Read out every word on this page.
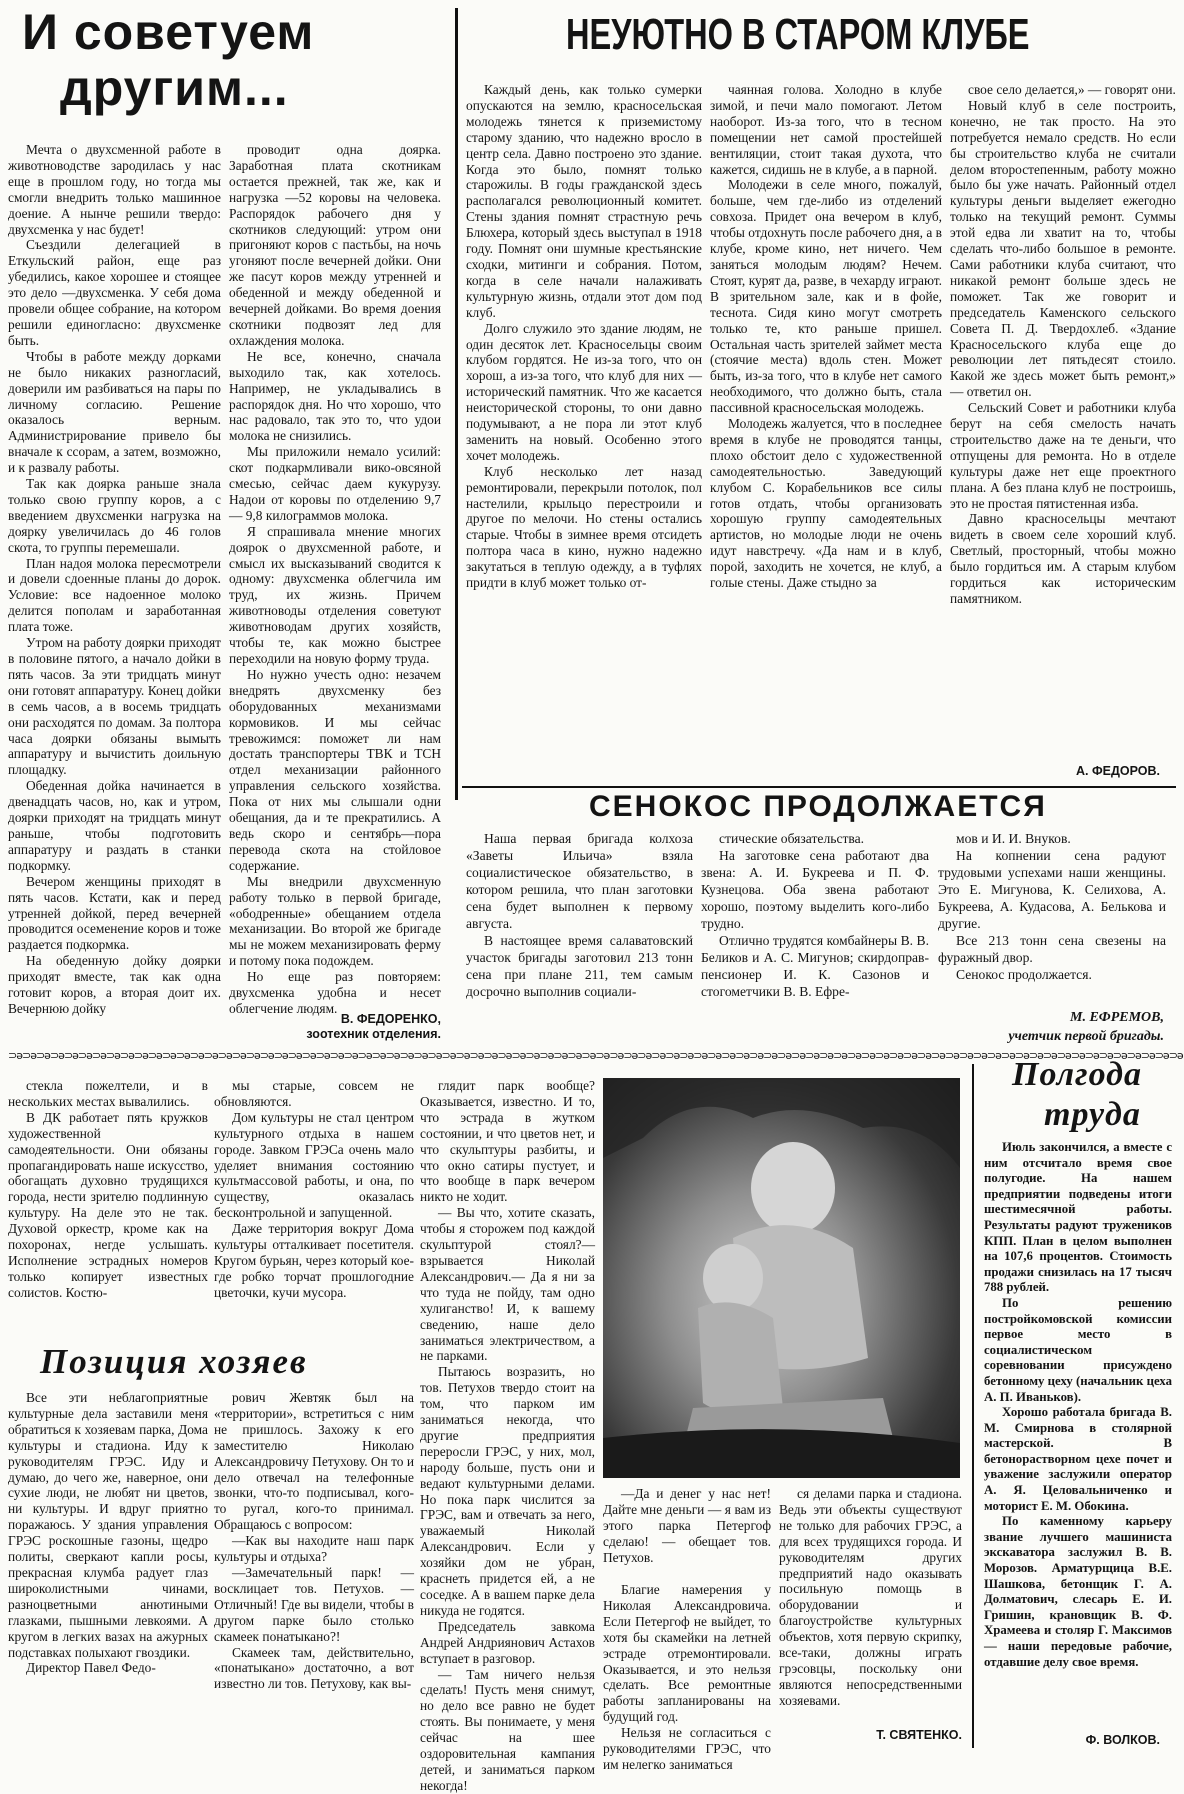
И советуем
другим...

Мечта о двухсменной работе в животноводстве зародилась у нас еще в прошлом году, но тогда мы смогли внедрить только машинное доение. А нынче решили твердо: двухсменка у нас будет!

Съездили делегацией в Еткульский район, еще раз убедились, какое хорошее и стоящее это дело —двухсменка. У себя дома провели общее собрание, на котором решили единогласно: двухсменке быть.

Чтобы в работе между дорками не было никаких разногласий, доверили им разбиваться на пары по личному согласию. Решение оказалось верным. Администрирование привело бы вначале к ссорам, а затем, возможно, и к развалу работы.

Так как доярка раньше знала только свою группу коров, а с введением двухсменки нагрузка на доярку увеличилась до 46 голов скота, то группы перемешали.

План надоя молока пересмотрели и довели сдоенные планы до дорок. Условие: все надоенное молоко делится пополам и заработанная плата тоже.

Утром на работу доярки приходят в половине пятого, а начало дойки в пять часов. За эти тридцать минут они готовят аппаратуру. Конец дойки в семь часов, а в восемь тридцать они расходятся по домам. За полтора часа доярки обязаны вымыть аппаратуру и вычистить доильную площадку.

Обеденная дойка начинается в двенадцать часов, но, как и утром, доярки приходят на тридцать минут раньше, чтобы подготовить аппаратуру и раздать в станки подкормку.

Вечером женщины приходят в пять часов. Кстати, как и перед утренней дойкой, перед вечерней проводится осеменение коров и тоже раздается подкормка.

На обеденную дойку доярки приходят вместе, так как одна готовит коров, а вторая доит их. Вечернюю дойку

проводит одна доярка. Заработная плата скотникам остается прежней, так же, как и нагрузка —52 коровы на человека. Распорядок рабочего дня у скотников следующий: утром они пригоняют коров с пастьбы, на ночь угоняют после вечерней дойки. Они же пасут коров между утренней и обеденной и между обеденной и вечерней дойками. Во время доения скотники подвозят лед для охлаждения молока.

Не все, конечно, сначала выходило так, как хотелось. Например, не укладывались в распорядок дня. Но что хорошо, что нас радовало, так это то, что удои молока не снизились.

Мы приложили немало усилий: скот подкармливали вико-овсяной смесью, сейчас даем кукурузу. Надои от коровы по отделению 9,7— 9,8 килограммов молока.

Я спрашивала мнение многих доярок о двухсменной работе, и смысл их высказываний сводится к одному: двухсменка облегчила им труд, их жизнь. Причем животноводы отделения советуют животноводам других хозяйств, чтобы те, как можно быстрее переходили на новую форму труда.

Но нужно учесть одно: незачем внедрять двухсменку без оборудованных механизмами кормовиков. И мы сейчас тревожимся: поможет ли нам достать транспортеры ТВК и ТСН отдел механизации районного управления сельского хозяйства. Пока от них мы слышали одни обещания, да и те прекратились. А ведь скоро и сентябрь—пора перевода скота на стойловое содержание.

Мы внедрили двухсменную работу только в первой бригаде, «ободренные» обещанием отдела механизации. Во второй же бригаде мы не можем механизировать ферму и потому пока подождем.

Но еще раз повторяем: двухсменка удобна и несет облегчение людям.

В. ФЕДОРЕНКО,
зоотехник отделения.
НЕУЮТНО В СТАРОМ КЛУБЕ

Каждый день, как только сумерки опускаются на землю, красносельская молодежь тянется к приземистому старому зданию, что надежно вросло в центр села. Давно построено это здание. Когда это было, помнят только старожилы. В годы гражданской здесь располагался революционный комитет. Стены здания помнят страстную речь Блюхера, который здесь выступал в 1918 году. Помнят они шумные крестьянские сходки, митинги и собрания. Потом, когда в селе начали налаживать культурную жизнь, отдали этот дом под клуб.

Долго служило это здание людям, не один десяток лет. Красносельцы своим клубом гордятся. Не из-за того, что он хорош, а из-за того, что клуб для них — исторический памятник. Что же касается неисторической стороны, то они давно подумывают, а не пора ли этот клуб заменить на новый. Особенно этого хочет молодежь.

Клуб несколько лет назад ремонтировали, перекрыли потолок, пол настелили, крыльцо перестроили и другое по мелочи. Но стены остались старые. Чтобы в зимнее время отсидеть полтора часа в кино, нужно надежно закутаться в теплую одежду, а в туфлях придти в клуб может только от-

чаянная голова. Холодно в клубе зимой, и печи мало помогают. Летом наоборот. Из-за того, что в тесном помещении нет самой простейшей вентиляции, стоит такая духота, что кажется, сидишь не в клубе, а в парной.

Молодежи в селе много, пожалуй, больше, чем где-либо из отделений совхоза. Придет она вечером в клуб, чтобы отдохнуть после рабочего дня, а в клубе, кроме кино, нет ничего. Чем заняться молодым людям? Нечем. Стоят, курят да, разве, в чехарду играют. В зрительном зале, как и в фойе, теснота. Сидя кино могут смотреть только те, кто раньше пришел. Остальная часть зрителей займет места (стоячие места) вдоль стен. Может быть, из-за того, что в клубе нет самого необходимого, что должно быть, стала пассивной красносельская молодежь.

Молодежь жалуется, что в последнее время в клубе не проводятся танцы, плохо обстоит дело с художественной самодеятельностью. Заведующий клубом С. Корабельников все силы готов отдать, чтобы организовать хорошую группу самодеятельных артистов, но молодые люди не очень идут навстречу. «Да нам и в клуб, порой, заходить не хочется, не клуб, а голые стены. Даже стыдно за

свое село делается,» — говорят они.

Новый клуб в селе построить, конечно, не так просто. На это потребуется немало средств. Но если бы строительство клуба не считали делом второстепенным, работу можно было бы уже начать. Районный отдел культуры деньги выделяет ежегодно только на текущий ремонт. Суммы этой едва ли хватит на то, чтобы сделать что-либо большое в ремонте. Сами работники клуба считают, что никакой ремонт больше здесь не поможет. Так же говорит и председатель Каменского сельского Совета П. Д. Твердохлеб. «Здание Красносельского клуба еще до революции лет пятьдесят стоило. Какой же здесь может быть ремонт,» — ответил он.

Сельский Совет и работники клуба берут на себя смелость начать строительство даже на те деньги, что отпущены для ремонта. Но в отделе культуры даже нет еще проектного плана. А без плана клуб не построишь, это не простая пятистенная изба.

Давно красносельцы мечтают видеть в своем селе хороший клуб. Светлый, просторный, чтобы можно было гордиться им. А старым клубом гордиться как историческим памятником.

А. ФЕДОРОВ.
СЕНОКОС ПРОДОЛЖАЕТСЯ

Наша первая бригада колхоза «Заветы Ильича» взяла социалистическое обязательство, в котором решила, что план заготовки сена будет выполнен к первому августа.

В настоящее время салаватовский участок бригады заготовил 213 тонн сена при плане 211, тем самым досрочно выполнив социали-

стические обязательства.

На заготовке сена работают два звена: А. И. Букреева и П. Ф. Кузнецова. Оба звена работают хорошо, поэтому выделить кого-либо трудно.

Отлично трудятся комбайнеры В. В. Беликов и А. С. Мигунов; скирдоправ- пенсионер И. К. Сазонов и стогометчики В. В. Ефре-

мов и И. И. Внуков.

На копнении сена радуют трудовыми успехами наши женщины. Это Е. Мигунова, К. Селихова, А. Букреева, А. Кудасова, А. Белькова и другие.

Все 213 тонн сена свезены на фуражный двор.

Сенокос продолжается.

М. ЕФРЕМОВ,
учетчик первой бригады.
⊃ǝ⊃ǝ⊃ǝ⊃ǝ⊃ǝ⊃ǝ⊃ǝ⊃ǝ⊃ǝ⊃ǝ⊃ǝ⊃ǝ⊃ǝ⊃ǝ⊃ǝ⊃ǝ⊃ǝ⊃ǝ⊃ǝ⊃ǝ⊃ǝ⊃ǝ⊃ǝ⊃ǝ⊃ǝ⊃ǝ⊃ǝ⊃ǝ⊃ǝ⊃ǝ⊃ǝ⊃ǝ⊃ǝ⊃ǝ⊃ǝ⊃ǝ⊃ǝ⊃ǝ⊃ǝ⊃ǝ⊃ǝ⊃ǝ⊃ǝ⊃ǝ⊃ǝ⊃ǝ⊃ǝ⊃ǝ⊃ǝ⊃ǝ⊃ǝ⊃ǝ⊃ǝ⊃ǝ⊃ǝ⊃ǝ⊃ǝ⊃ǝ⊃ǝ⊃ǝ⊃ǝ⊃ǝ⊃ǝ⊃ǝ⊃ǝ⊃ǝ⊃ǝ⊃ǝ⊃ǝ⊃ǝ⊃ǝ⊃ǝ⊃ǝ⊃ǝ⊃ǝ⊃ǝ⊃ǝ⊃ǝ⊃ǝ⊃ǝ⊃ǝ⊃ǝ⊃ǝ⊃ǝ

стекла пожелтели, и в нескольких местах вывалились.

В ДК работает пять кружков художественной самодеятельности. Они обязаны пропагандировать наше искусство, обогащать духовно трудящихся города, нести зрителю подлинную культуру. На деле это не так. Духовой оркестр, кроме как на похоронах, негде услышать. Исполнение эстрадных номеров только копирует известных солистов. Костю-

мы старые, совсем не обновляются.

Дом культуры не стал центром культурного отдыха в нашем городе. Завком ГРЭСа очень мало уделяет внимания состоянию культмассовой работы, и она, по существу, оказалась бесконтрольной и запущенной.

Даже территория вокруг Дома культуры отталкивает посетителя. Кругом бурьян, через который кое-где робко торчат прошлогодние цветочки, кучи мусора.

глядит парк вообще? Оказывается, известно. И то, что эстрада в жутком состоянии, и что цветов нет, и что скульптуры разбиты, и что окно сатиры пустует, и что вообще в парк вечером никто не ходит.

— Вы что, хотите сказать, чтобы я сторожем под каждой скульптурой стоял?—взрывается Николай Александрович.— Да я ни за что туда не пойду, там одно хулиганство! И, к вашему сведению, наше дело заниматься электричеством, а не парками.

Пытаюсь возразить, но тов. Петухов твердо стоит на том, что парком им заниматься некогда, что другие предприятия переросли ГРЭС, у них, мол, народу больше, пусть они и ведают культурными делами. Но пока парк числится за ГРЭС, вам и отвечать за него, уважаемый Николай Александрович. Если у хозяйки дом не убран, краснеть придется ей, а не соседке. А в вашем парке дела никуда не годятся.

Председатель завкома Андрей Андриянович Астахов вступает в разговор.

— Там ничего нельзя сделать! Пусть меня снимут, но дело все равно не будет стоять. Вы понимаете, у меня сейчас на шее оздоровительная кампания детей, и заниматься парком некогда!

Позиция хозяев

Все эти неблагоприятные культурные дела заставили меня обратиться к хозяевам парка, Дома культуры и стадиона. Иду к руководителям ГРЭС. Иду и думаю, до чего же, наверное, они сухие люди, не любят ни цветов, ни культуры. И вдруг приятно поражаюсь. У здания управления ГРЭС роскошные газоны, щедро политы, сверкают капли росы, прекрасная клумба радует глаз широколистными чинами, разноцветными анютиными глазками, пышными левкоями. А кругом в легких вазах на ажурных подставках полыхают гвоздики.

Директор Павел Федо-

рович Жевтяк был на «территории», встретиться с ним не пришлось. Захожу к его заместителю Николаю Александровичу Петухову. Он то и дело отвечал на телефонные звонки, что-то подписывал, кого-то ругал, кого-то принимал. Обращаюсь с вопросом:

—Как вы находите наш парк культуры и отдыха?

—Замечательный парк! —восклицает тов. Петухов. — Отличный! Где вы видели, чтобы в другом парке было столько скамеек понатыкано?!

Скамеек там, действительно, «понатыкано» достаточно, а вот известно ли тов. Петухову, как вы-

—Да и денег у нас нет! Дайте мне деньги — я вам из этого парка Петергоф сделаю! — обещает тов. Петухов.

Благие намерения у Николая Александровича. Если Петергоф не выйдет, то хотя бы скамейки на летней эстраде отремонтировали. Оказывается, и это нельзя сделать. Все ремонтные работы запланированы на будущий год.

Нельзя не согласиться с руководителями ГРЭС, что им нелегко заниматься

ся делами парка и стадиона. Ведь эти объекты существуют не только для рабочих ГРЭС, а для всех трудящихся города. И руководителям других предприятий надо оказывать посильную помощь в оборудовании и благоустройстве культурных объектов, хотя первую скрипку, все-таки, должны играть грэсовцы, поскольку они являются непосредственными хозяевами.

Т. СВЯТЕНКО.
Полгода
труда

Июль закончился, а вместе с ним отсчитало время свое полугодие. На нашем предприятии подведены итоги шестимесячной работы. Результаты радуют тружеников КПП. План в целом выполнен на 107,6 процентов. Стоимость продажи снизилась на 17 тысяч 788 рублей.

По решению постройкомовской комиссии первое место в социалистическом соревновании присуждено бетонному цеху (начальник цеха А. П. Иваньков).

Хорошо работала бригада В. М. Смирнова в столярной мастерской. В бетонорастворном цехе почет и уважение заслужили оператор А. Я. Целовальниченко и моторист Е. М. Обокина.

По каменному карьеру звание лучшего машиниста экскаватора заслужил В. В. Морозов. Арматурщица В.Е. Шашкова, бетонщик Г. А. Долматович, слесарь Е. И. Гришин, крановщик В. Ф. Храмеева и столяр Г. Максимов — наши передовые рабочие, отдавшие делу свое время.

Ф. ВОЛКОВ.
